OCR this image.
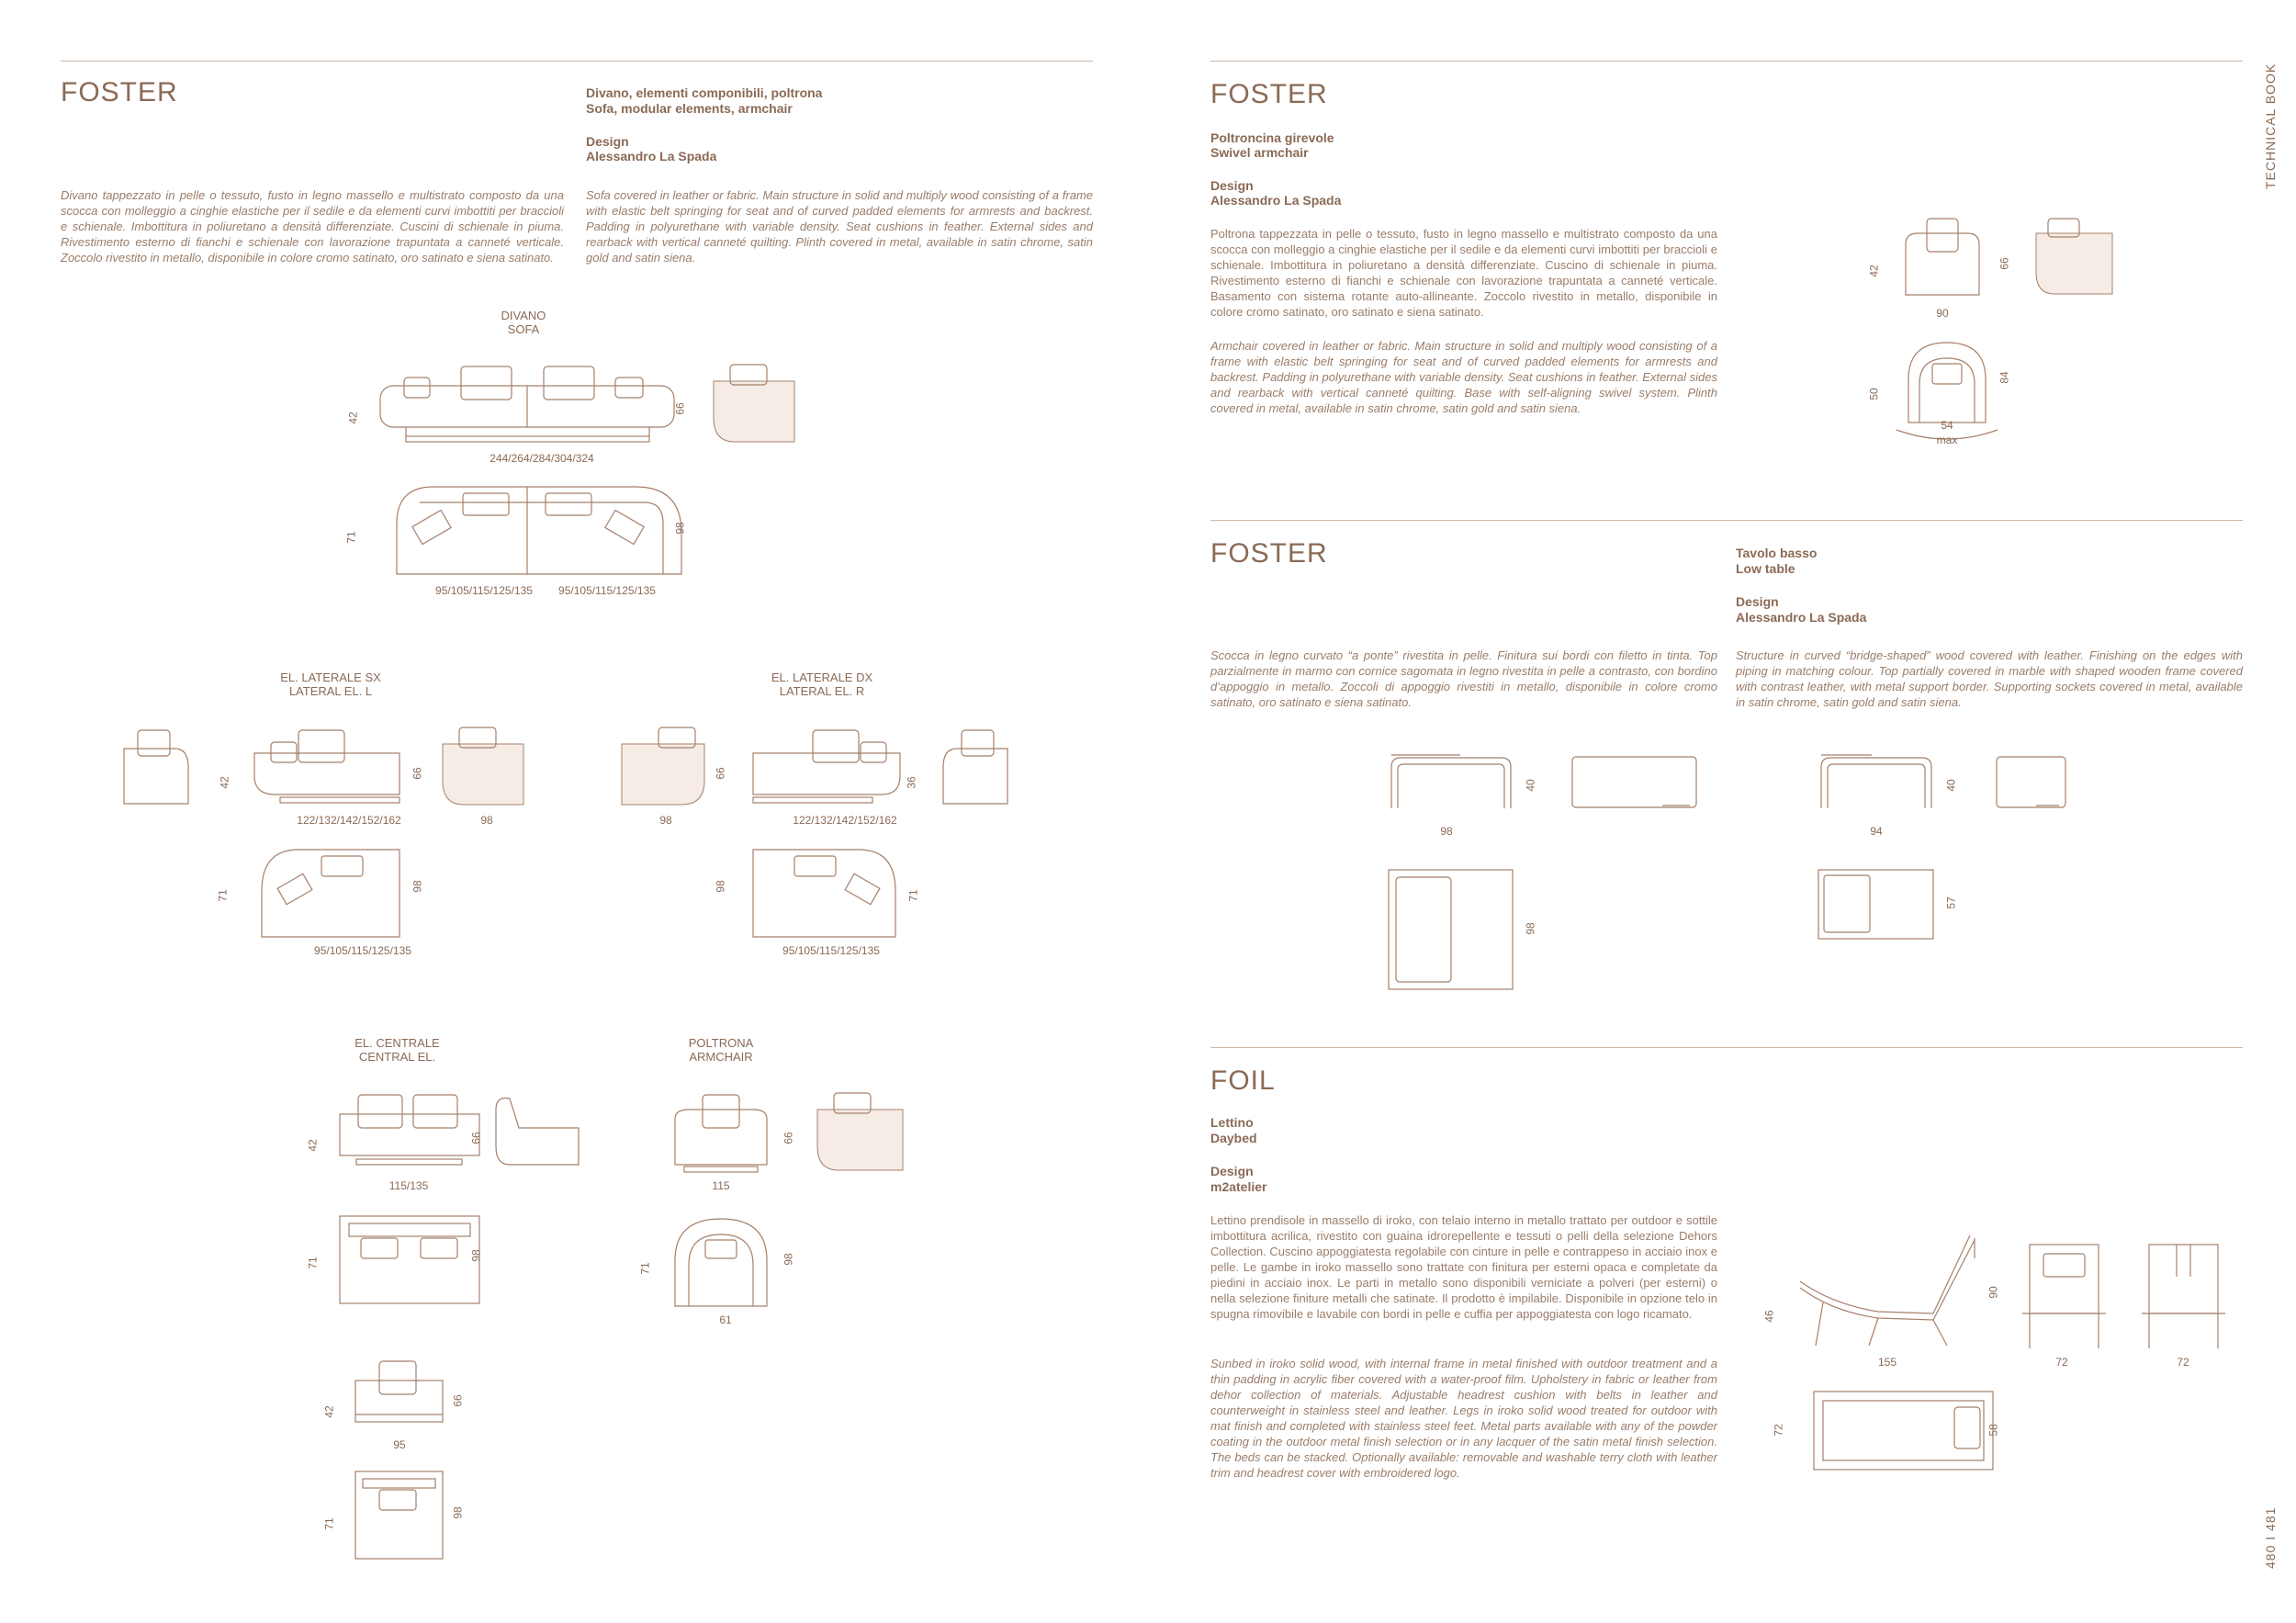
FOSTER	Divano, elementi componibili, poltrona
Sofa, modular elements, armchair
Design
Alessandro La Spada
Divano tappezzato in pelle o tessuto, fusto in legno massello e multistrato composto da una scocca con molleggio a cinghie elastiche per il sedile e da elementi curvi imbottiti per braccioli e schienale. Imbottitura in poliuretano a densità differenziate. Cuscini di schienale in piuma. Rivestimento esterno di fianchi e schienale con lavorazione trapuntata a canneté verticale. Zoccolo rivestito in metallo, disponibile in colore cromo satinato, oro satinato e siena satinato.
Sofa covered in leather or fabric. Main structure in solid and multiply wood consisting of a frame with elastic belt springing for seat and of curved padded elements for armrests and backrest. Padding in polyurethane with variable density. Seat cushions in feather. External sides and rearback with vertical canneté quilting. Plinth covered in metal, available in satin chrome, satin gold and satin siena.
DIVANO
SOFA
42
66
244/264/284/304/324
71
98
95/105/115/125/135	95/105/115/125/135
EL. LATERALE SX
LATERAL EL. L
42
66
122/132/142/152/162	98
71
98
95/105/115/125/135
EL. LATERALE DX
LATERAL EL. R
66
98
36
122/132/142/152/162
98
71
95/105/115/125/135
EL. CENTRALE
CENTRAL EL.
42
66
115/135
71
98
POLTRONA
ARMCHAIR
66
115
71
98
61
42
66
95
71
98
TECHNICAL BOOK
480 I 481
FOSTER
Poltroncina girevole
Swivel armchair
Design
Alessandro La Spada
Poltrona tappezzata in pelle o tessuto, fusto in legno massello e multistrato composto da una scocca con molleggio a cinghie elastiche per il sedile e da elementi curvi imbottiti per braccioli e schienale. Imbottitura in poliuretano a densità differenziate. Cuscino di schienale in piuma. Rivestimento esterno di fianchi e schienale con lavorazione trapuntata a canneté verticale. Basamento con sistema rotante auto-allineante. Zoccolo rivestito in metallo, disponibile in colore cromo satinato, oro satinato e siena satinato.
Armchair covered in leather or fabric. Main structure in solid and multiply wood consisting of a frame with elastic belt springing for seat and of curved padded elements for armrests and backrest. Padding in polyurethane with variable density. Seat cushions in feather. External sides and rearback with vertical canneté quilting. Base with self-aligning swivel system. Plinth covered in metal, available in satin chrome, satin gold and satin siena.
42
90
66
50
84
54
max
FOSTER	Tavolo basso
Low table
Design
Alessandro La Spada
Scocca in legno curvato “a ponte” rivestita in pelle. Finitura sui bordi con filetto in tinta. Top parzialmente in marmo con cornice sagomata in legno rivestita in pelle a contrasto, con bordino d’appoggio in metallo. Zoccoli di appoggio rivestiti in metallo, disponibile in colore cromo satinato, oro satinato e siena satinato.
Structure in curved “bridge-shaped” wood covered with leather. Finishing on the edges with piping in matching colour. Top partially covered in marble with shaped wooden frame covered with contrast leather, with metal support border. Supporting sockets covered in metal, available in satin chrome, satin gold and satin siena.
40
98
98
40
94
57
FOIL
Lettino
Daybed
Design
m2atelier
Lettino prendisole in massello di iroko, con telaio interno in metallo trattato per outdoor e sottile imbottitura acrilica, rivestito con guaina idrorepellente e tessuti o pelli della selezione Dehors Collection. Cuscino appoggiatesta regolabile con cinture in pelle e contrappeso in acciaio inox e pelle. Le gambe in iroko massello sono trattate con finitura per esterni opaca e completate da piedini in acciaio inox. Le parti in metallo sono disponibili verniciate a polveri (per esterni) o nella selezione finiture metalli che satinate. Il prodotto è impilabile. Disponibile in opzione telo in spugna rimovibile e lavabile con bordi in pelle e cuffia per appoggiatesta con logo ricamato.
Sunbed in iroko solid wood, with internal frame in metal finished with outdoor treatment and a thin padding in acrylic fiber covered with a water-proof film. Upholstery in fabric or leather from dehor collection of materials. Adjustable headrest cushion with belts in leather and counterweight in stainless steel and leather. Legs in iroko solid wood treated for outdoor with mat finish and completed with stainless steel feet. Metal parts available with any of the powder coating in the outdoor metal finish selection or in any lacquer of the satin metal finish selection. The beds can be stacked. Optionally available: removable and washable terry cloth with leather trim and headrest cover with embroidered logo.
46
90
155	72	72
72	58
